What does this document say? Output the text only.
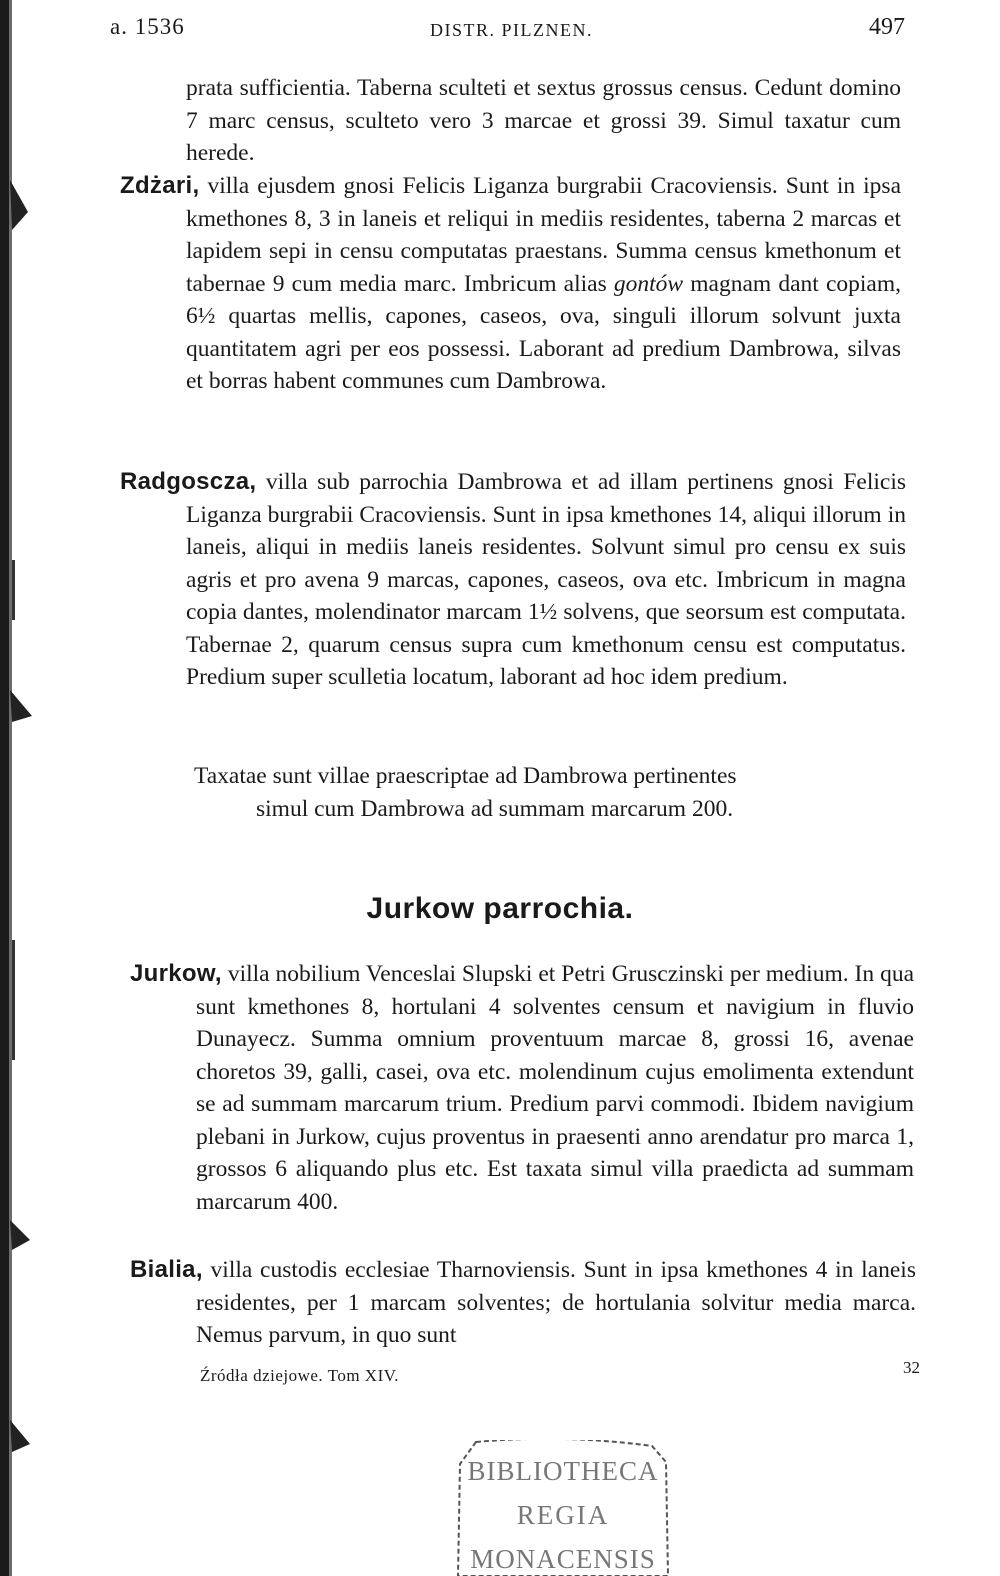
a. 1536	DISTR. PILZNEN.	497

prata sufficientia. Taberna sculteti et sextus grossus census. Cedunt domino 7 marc census, sculteto vero 3 marcae et grossi 39. Simul taxatur cum herede.

Zdżari, villa ejusdem gnosi Felicis Liganza burgrabii Cracoviensis. Sunt in ipsa kmethones 8, 3 in laneis et reliqui in mediis residentes, taberna 2 marcas et lapidem sepi in censu computatas praestans. Summa census kmethonum et tabernae 9 cum media marc. Imbricum alias gontów magnam dant copiam, 6½ quartas mellis, capones, caseos, ova, singuli illorum solvunt juxta quantitatem agri per eos possessi. Laborant ad predium Dambrowa, silvas et borras habent communes cum Dambrowa.

Radgoscza, villa sub parrochia Dambrowa et ad illam pertinens gnosi Felicis Liganza burgrabii Cracoviensis. Sunt in ipsa kmethones 14, aliqui illorum in laneis, aliqui in mediis laneis residentes. Solvunt simul pro censu ex suis agris et pro avena 9 marcas, capones, caseos, ova etc. Imbricum in magna copia dantes, molendinator marcam 1½ solvens, que seorsum est computata. Tabernae 2, quarum census supra cum kmethonum censu est computatus. Predium super sculletia locatum, laborant ad hoc idem predium.

Taxatae sunt villae praescriptae ad Dambrowa pertinentes

simul cum Dambrowa ad summam marcarum 200.

Jurkow parrochia.

Jurkow, villa nobilium Venceslai Slupski et Petri Grusczinski per medium. In qua sunt kmethones 8, hortulani 4 solventes censum et navigium in fluvio Dunayecz. Summa omnium proventuum marcae 8, grossi 16, avenae choretos 39, galli, casei, ova etc. molendinum cujus emolimenta extendunt se ad summam marcarum trium. Predium parvi commodi. Ibidem navigium plebani in Jurkow, cujus proventus in praesenti anno arendatur pro marca 1, grossos 6 aliquando plus etc. Est taxata simul villa praedicta ad summam marcarum 400.

Bialia, villa custodis ecclesiae Tharnoviensis. Sunt in ipsa kmethones 4 in laneis residentes, per 1 marcam solventes; de hortulania solvitur media marca. Nemus parvum, in quo sunt

Źródła dziejowe. Tom XIV.	32
BIBLIOTHECA
REGIA
MONACENSIS
